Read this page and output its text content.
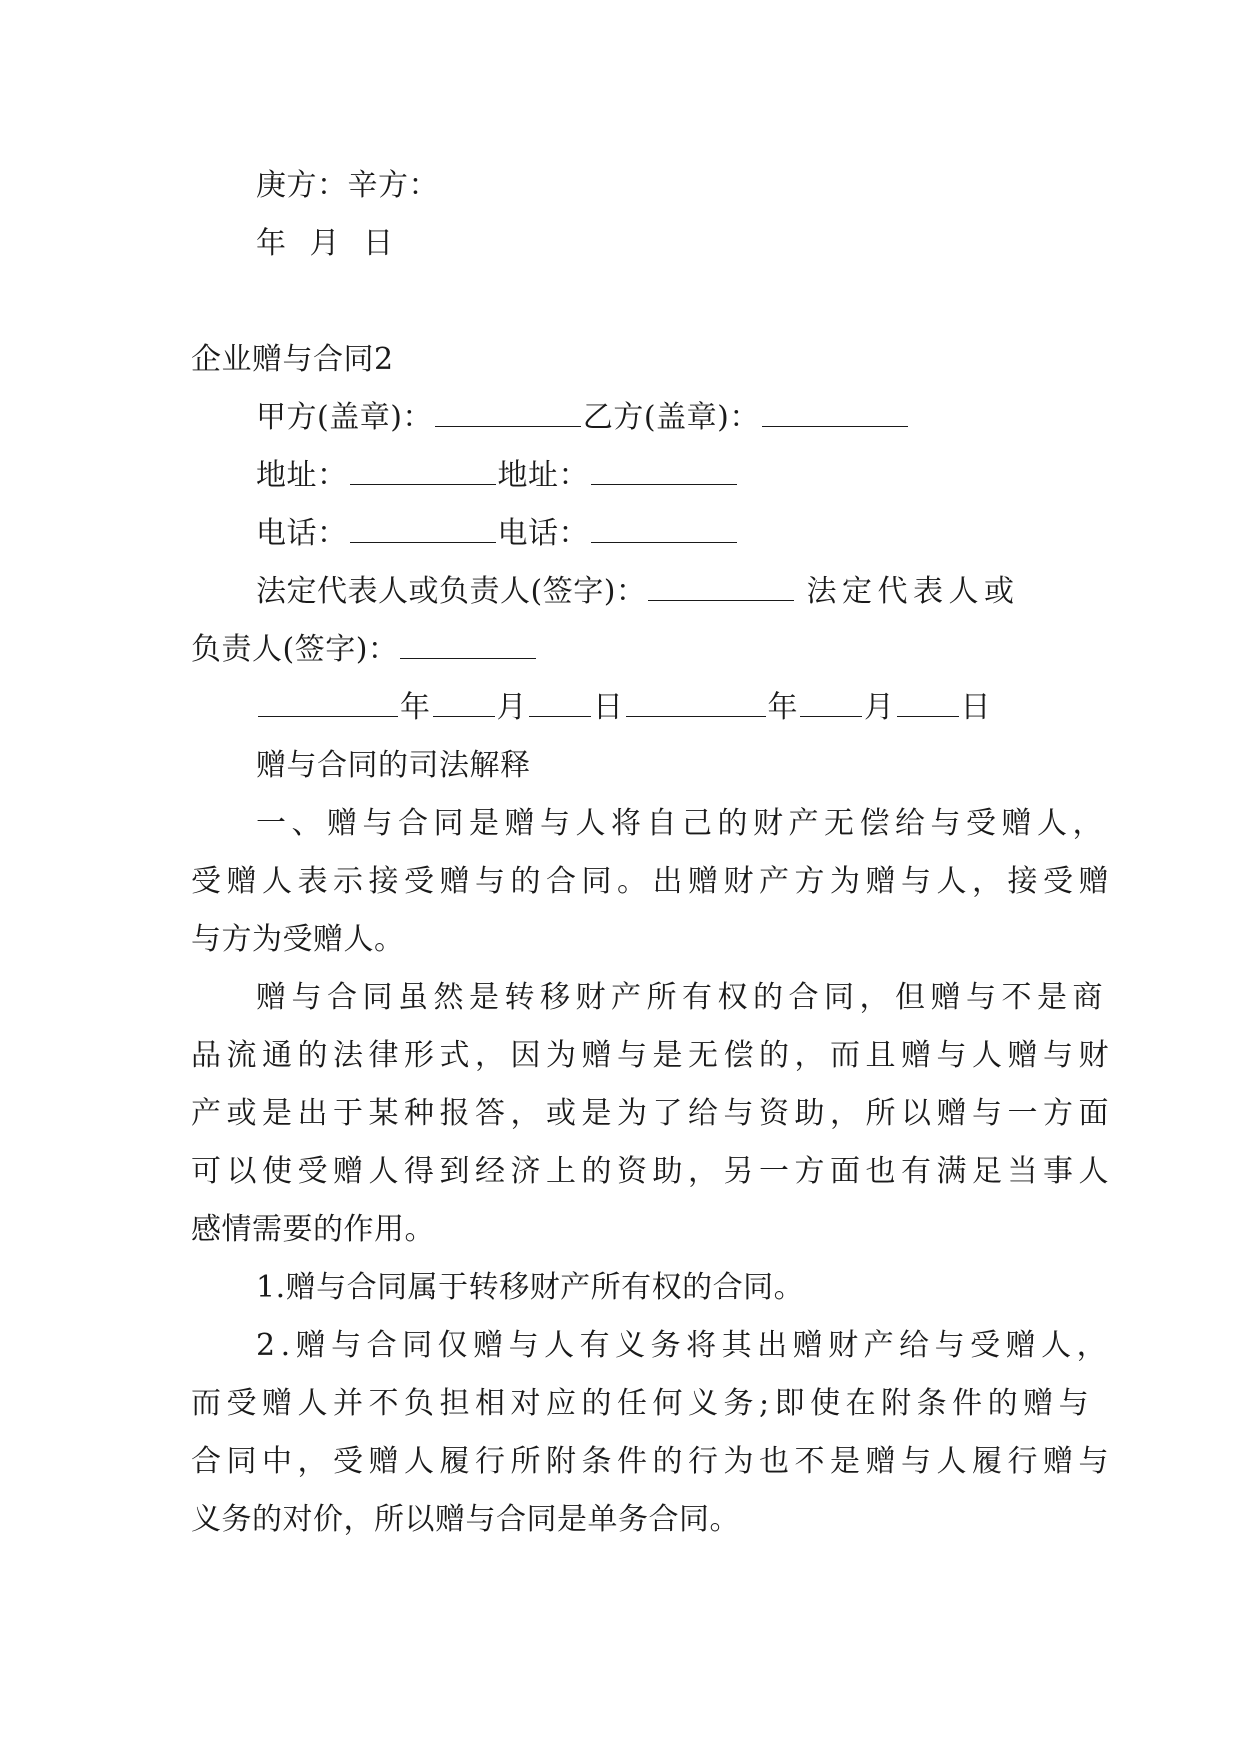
庚方：辛方：
年 月 日
企业赠与合同2
甲方(盖章)：	乙方(盖章)：
地址：	地址：
电话：	电话：
法定代表人或负责人(签字)：	法定代表人或
负责人(签字)：
年 月 日	年 月 日
赠与合同的司法解释
一、赠与合同是赠与人将自己的财产无偿给与受赠人，
受赠人表示接受赠与的合同。出赠财产方为赠与人，接受赠
与方为受赠人。
赠与合同虽然是转移财产所有权的合同，但赠与不是商
品流通的法律形式，因为赠与是无偿的，而且赠与人赠与财
产或是出于某种报答，或是为了给与资助，所以赠与一方面
可以使受赠人得到经济上的资助，另一方面也有满足当事人
感情需要的作用。
1.赠与合同属于转移财产所有权的合同。
2.赠与合同仅赠与人有义务将其出赠财产给与受赠人，
而受赠人并不负担相对应的任何义务;即使在附条件的赠与
合同中，受赠人履行所附条件的行为也不是赠与人履行赠与
义务的对价，所以赠与合同是单务合同。
